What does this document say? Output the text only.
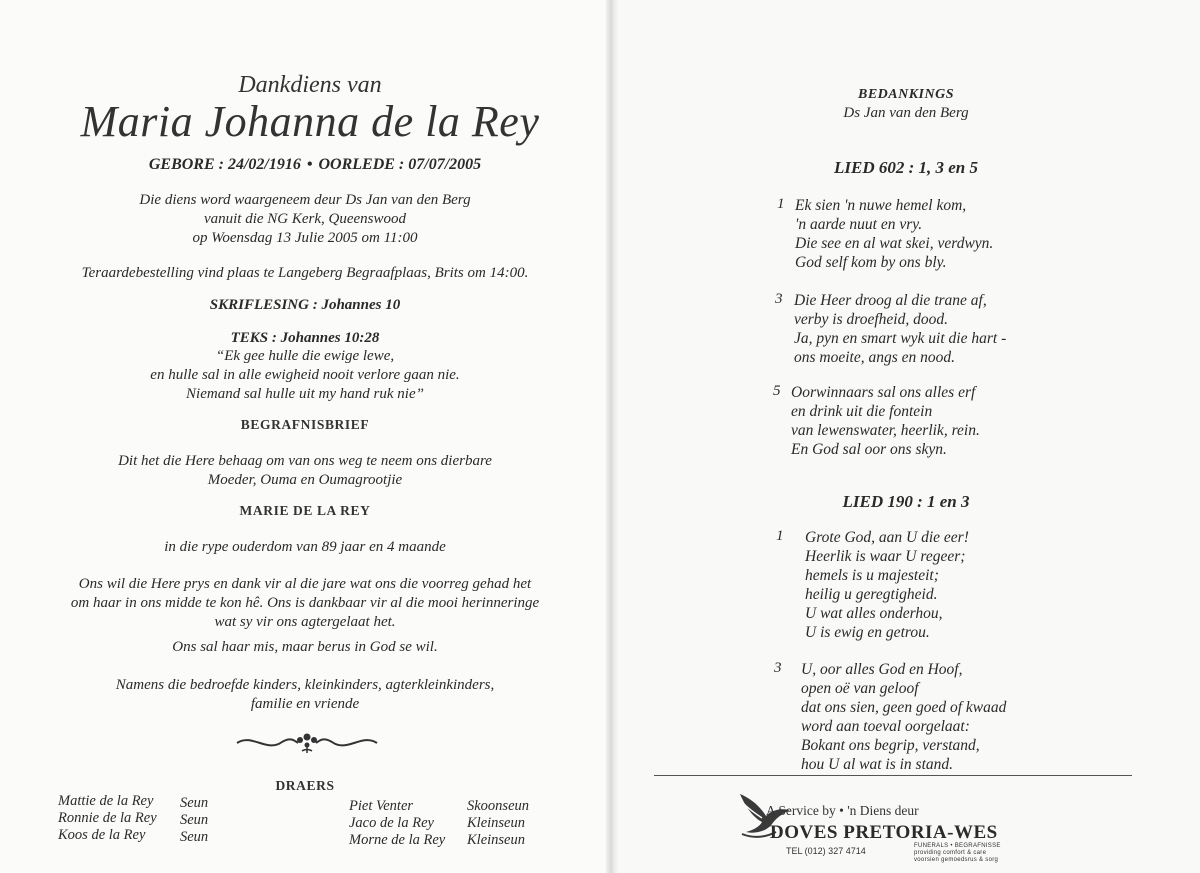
Dankdiens van
Maria Johanna de la Rey
GEBORE : 24/02/1916 • OORLEDE : 07/07/2005
Die diens word waargeneem deur Ds Jan van den Berg
vanuit die NG Kerk, Queenswood
op Woensdag 13 Julie 2005 om 11:00
Teraardebestelling vind plaas te Langeberg Begraafplaas, Brits om 14:00.
SKRIFLESING : Johannes 10
TEKS : Johannes 10:28
“Ek gee hulle die ewige lewe,
en hulle sal in alle ewigheid nooit verlore gaan nie.
Niemand sal hulle uit my hand ruk nie”
BEGRAFNISBRIEF
Dit het die Here behaag om van ons weg te neem ons dierbare
Moeder, Ouma en Oumagrootjie
MARIE DE LA REY
in die rype ouderdom van 89 jaar en 4 maande
Ons wil die Here prys en dank vir al die jare wat ons die voorreg gehad het
om haar in ons midde te kon hê. Ons is dankbaar vir al die mooi herinneringe
wat sy vir ons agtergelaat het.
Ons sal haar mis, maar berus in God se wil.
Namens die bedroefde kinders, kleinkinders, agterkleinkinders,
familie en vriende
DRAERS
Mattie de la Rey
Ronnie de la Rey
Koos de la Rey
Seun
Seun
Seun
Piet Venter
Jaco de la Rey
Morne de la Rey
Skoonseun
Kleinseun
Kleinseun
BEDANKINGS
Ds Jan van den Berg
LIED 602 : 1, 3 en 5
1 Ek sien 'n nuwe hemel kom,
'n aarde nuut en vry.
Die see en al wat skei, verdwyn.
God self kom by ons bly.
3 Die Heer droog al die trane af,
verby is droefheid, dood.
Ja, pyn en smart wyk uit die hart -
ons moeite, angs en nood.
5 Oorwinnaars sal ons alles erf
en drink uit die fontein
van lewenswater, heerlik, rein.
En God sal oor ons skyn.
LIED 190 : 1 en 3
1 Grote God, aan U die eer!
Heerlik is waar U regeer;
hemels is u majesteit;
heilig u geregtigheid.
U wat alles onderhou,
U is ewig en getrou.
3 U, oor alles God en Hoof,
open oë van geloof
dat ons sien, geen goed of kwaad
word aan toeval oorgelaat:
Bokant ons begrip, verstand,
hou U al wat is in stand.
A Service by • 'n Diens deur
DOVES PRETORIA-WES
TEL (012) 327 4714	FUNERALS • BEGRAFNISSE
providing comfort & care
voorsien gemoedsrus & sorg
